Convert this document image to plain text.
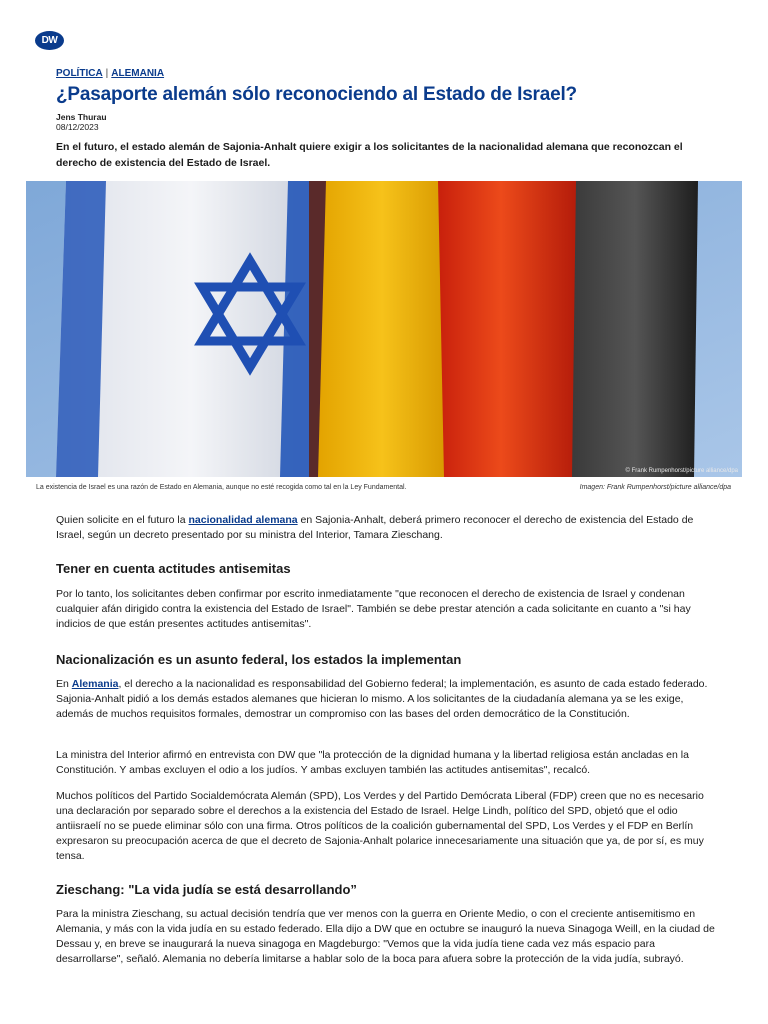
DW
POLÍTICA | ALEMANIA
¿Pasaporte alemán sólo reconociendo al Estado de Israel?
Jens Thurau
08/12/2023

En el futuro, el estado alemán de Sajonia-Anhalt quiere exigir a los solicitantes de la nacionalidad alemana que reconozcan el derecho de existencia del Estado de Israel.

© Frank Rumpenhorst/picture alliance/dpa
La existencia de Israel es una razón de Estado en Alemania, aunque no esté recogida como tal en la Ley Fundamental.	Imagen: Frank Rumpenhorst/picture alliance/dpa

Quien solicite en el futuro la nacionalidad alemana en Sajonia-Anhalt, deberá primero reconocer el derecho de existencia del Estado de Israel, según un decreto presentado por su ministra del Interior, Tamara Zieschang.

Tener en cuenta actitudes antisemitas

Por lo tanto, los solicitantes deben confirmar por escrito inmediatamente "que reconocen el derecho de existencia de Israel y condenan cualquier afán dirigido contra la existencia del Estado de Israel". También se debe prestar atención a cada solicitante en cuanto a "si hay indicios de que están presentes actitudes antisemitas".

Nacionalización es un asunto federal, los estados la implementan

En Alemania, el derecho a la nacionalidad es responsabilidad del Gobierno federal; la implementación, es asunto de cada estado federado. Sajonia-Anhalt pidió a los demás estados alemanes que hicieran lo mismo. A los solicitantes de la ciudadanía alemana ya se les exige, además de muchos requisitos formales, demostrar un compromiso con las bases del orden democrático de la Constitución.

La ministra del Interior afirmó en entrevista con DW que "la protección de la dignidad humana y la libertad religiosa están ancladas en la Constitución. Y ambas excluyen el odio a los judíos. Y ambas excluyen también las actitudes antisemitas", recalcó.

Muchos políticos del Partido Socialdemócrata Alemán (SPD), Los Verdes y del Partido Demócrata Liberal (FDP) creen que no es necesario una declaración por separado sobre el derechos a la existencia del Estado de Israel. Helge Lindh, político del SPD, objetó que el odio antiisraelí no se puede eliminar sólo con una firma. Otros políticos de la coalición gubernamental del SPD, Los Verdes y el FDP en Berlín expresaron su preocupación acerca de que el decreto de Sajonia-Anhalt polarice innecesariamente una situación que ya, de por sí, es muy tensa.

Zieschang: "La vida judía se está desarrollando”

Para la ministra Zieschang, su actual decisión tendría que ver menos con la guerra en Oriente Medio, o con el creciente antisemitismo en Alemania, y más con la vida judía en su estado federado. Ella dijo a DW que en octubre se inauguró la nueva Sinagoga Weill, en la ciudad de Dessau y, en breve se inaugurará la nueva sinagoga en Magdeburgo: "Vemos que la vida judía tiene cada vez más espacio para desarrollarse", señaló. Alemania no debería limitarse a hablar solo de la boca para afuera sobre la protección de la vida judía, subrayó.
